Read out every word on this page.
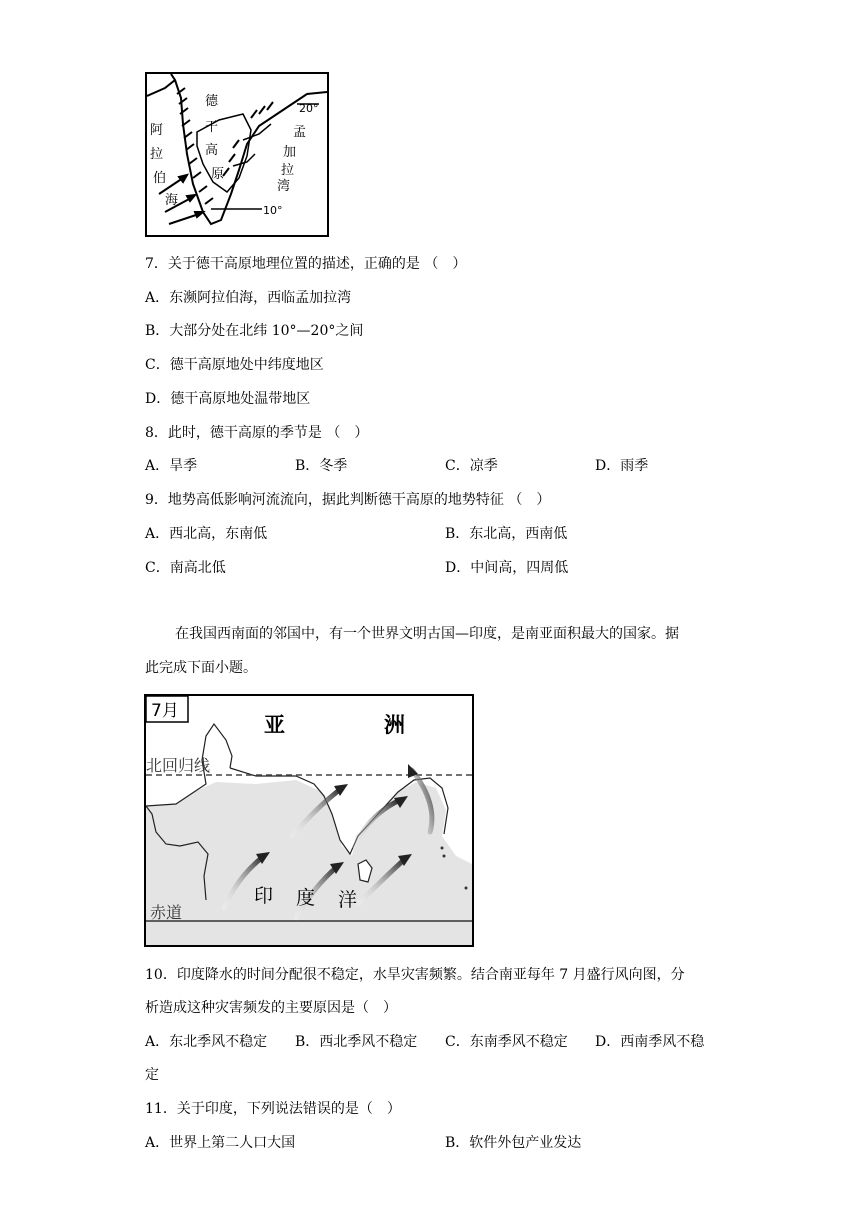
德
干
高
原
阿
拉
伯
海
孟
加
拉
湾
20°
10°
7．关于德干高原地理位置的描述，正确的是 （　）
A．东濒阿拉伯海，西临孟加拉湾
B．大部分处在北纬 10°—20°之间
C．德干高原地处中纬度地区
D．德干高原地处温带地区
8．此时，德干高原的季节是 （　）
A．旱季	B．冬季	C．凉季	D．雨季
9．地势高低影响河流流向，据此判断德干高原的地势特征 （　）
A．西北高，东南低	B．东北高，西南低
C．南高北低	D．中间高，四周低
在我国西南面的邻国中，有一个世界文明古国—印度，是南亚面积最大的国家。据
此完成下面小题。
7月
亚	洲
北回归线
赤道
印 度 洋
10．印度降水的时间分配很不稳定，水旱灾害频繁。结合南亚每年 7 月盛行风向图，分
析造成这种灾害频发的主要原因是（　）
A．东北季风不稳定 B．西北季风不稳定 C．东南季风不稳定 D．西南季风不稳
定
11．关于印度，下列说法错误的是（　）
A．世界上第二人口大国	B．软件外包产业发达
